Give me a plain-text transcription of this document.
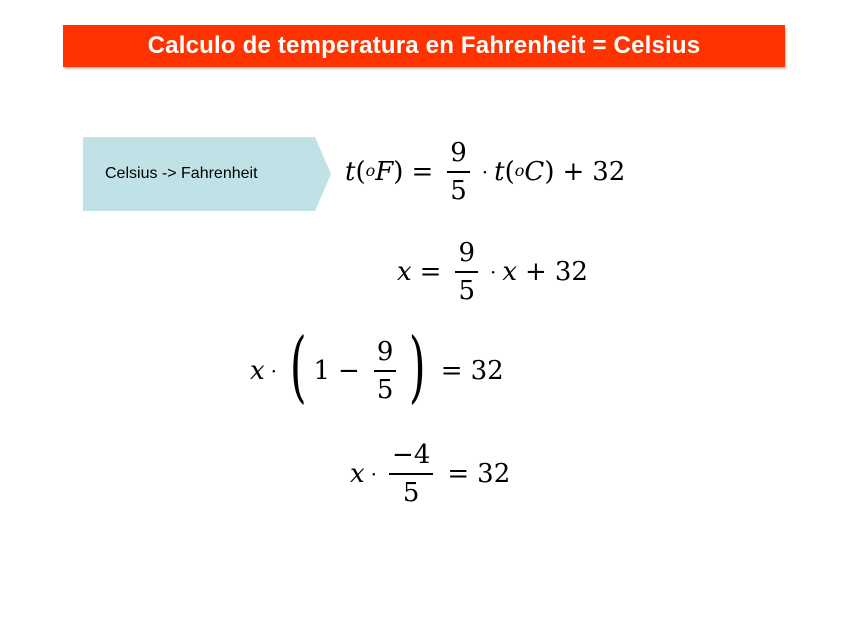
Calculo de temperatura en Fahrenheit = Celsius
Celsius -> Fahrenheit	t ( o F ) = $\frac{9}{5} \cdot t$ ( o C ) + 32
$x = \frac{9}{5} \cdot x + 32$
x · ( $1 - \frac{9}{5}$ ) = 32
$x \cdot \frac{-4}{5} = 32$
